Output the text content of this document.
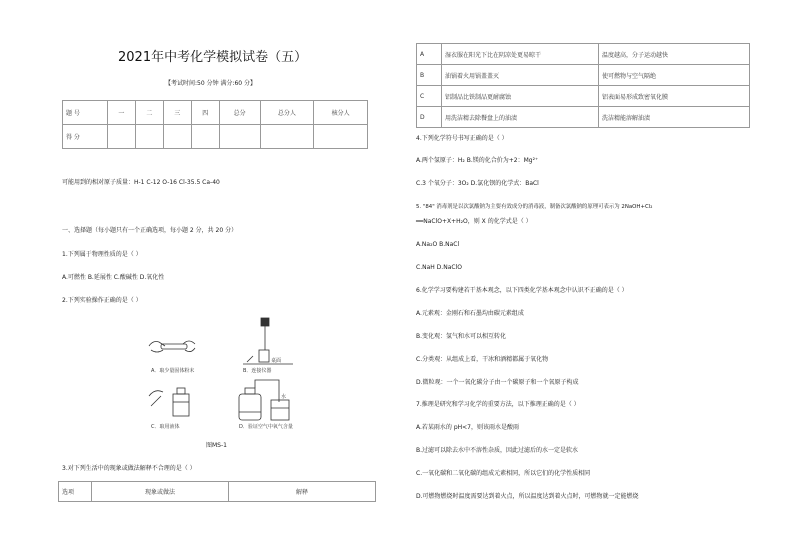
2021年中考化学模拟试卷（五）
【考试时间:50 分钟 满分:60 分】
题 号	一	二	三	四	总分	总分人	核分人
得 分							
可能用到的相对原子质量：H-1 C-12 O-16 Cl-35.5 Ca-40
一、选择题（每小题只有一个正确选项，每小题 2 分，共 20 分）
1.下列属于物理性质的是（ ）
A.可燃性 B.延展性 C.酸碱性 D.氧化性
2.下列实验操作正确的是（ ）
桌面
A．取少量固体粉末	B．连接仪器
水
C．取用液体	D．验证空气中氧气含量
图MS-1
3.对下列生活中的现象或做法解释不合理的是（ ）
选项	现象或做法	解释
A	湿衣服在阳光下比在阴凉处更易晾干	温度越高，分子运动越快
B	油锅着火用锅盖盖灭	使可燃物与空气隔绝
C	铝制品比铁制品更耐腐蚀	铝表面易形成致密氧化膜
D	用洗洁精去除餐盘上的油渍	洗洁精能溶解油渍
4.下列化学符号书写正确的是（ ）
A.两个氢原子：H₂ B.镁的化合价为+2：Mg²⁺
C.3 个氧分子：3O₂ D.氯化钡的化学式：BaCl
5. "84" 消毒剂是以次氯酸钠为主要有效成分的消毒液，制备次氯酸钠的原理可表示为 2NaOH+Cl₂
══NaClO+X+H₂O，则 X 的化学式是（ ）
A.Na₂O B.NaCl
C.NaH D.NaClO
6.化学学习要构建若干基本观念，以下四类化学基本观念中认识不正确的是（ ）
A.元素观：金刚石和石墨均由碳元素组成
B.变化观：氢气和水可以相互转化
C.分类观：从组成上看，干冰和酒精都属于氧化物
D.微粒观：一个一氧化碳分子由一个碳原子和一个氧原子构成
7.推理是研究和学习化学的重要方法，以下推理正确的是（ ）
A.若某雨水的 pH<7，则该雨水是酸雨
B.过滤可以除去水中不溶性杂质，因此过滤后的水一定是软水
C.一氧化碳和二氧化碳的组成元素相同，所以它们的化学性质相同
D.可燃物燃烧时温度需要达到着火点，所以温度达到着火点时，可燃物就一定能燃烧
